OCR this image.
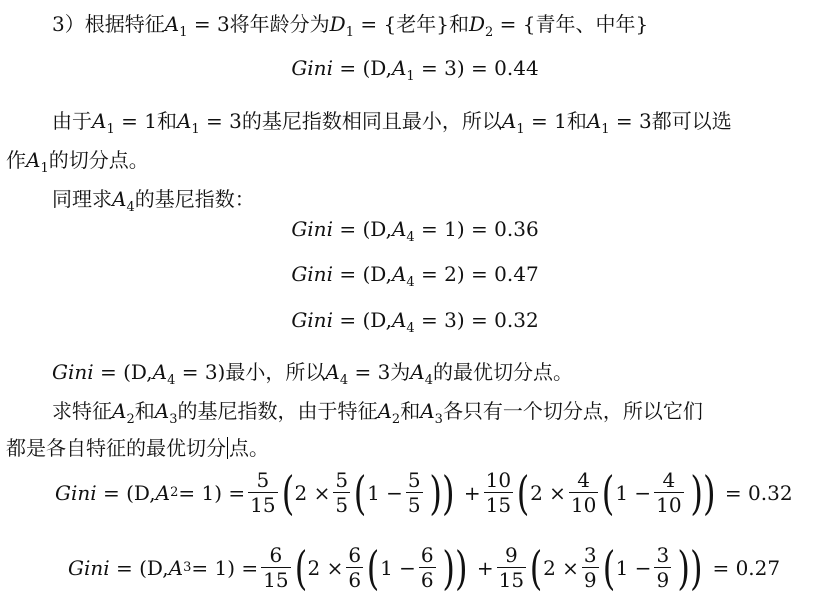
3）根据特征$A_1 = 3$将年龄分为$D_1$ = {老年}和$D_2$ = {青年、中年}
Gini = $(D,A_1 = 3) = 0.44$
由于$A_1 = 1$和$A_1 = 3$的基尼指数相同且最小，所以$A_1 = 1$和$A_1 = 3$都可以选
作$A_1$的切分点。
同理求$A_4$的基尼指数：
Gini = $(D,A_4 = 1) = 0.36$
Gini = $(D,A_4 = 2) = 0.47$
Gini = $(D,A_4 = 3) = 0.32$
Gini = $(D,A_4 = 3)$最小，所以$A_4 = 3$为$A_4$的最优切分点。
求特征$A_2$和$A_3$的基尼指数，由于特征$A_2$和$A_3$各只有一个切分点，所以它们
都是各自特征的最优切分 点。
Gini = (D, A $2 = 1) = \frac{5}{15}$ ( $2 \times \frac{5}{5}$ ( $1 - \frac{5}{5}$ )) + $\frac{10}{15}$ ( $2 \times \frac{4}{10}$ ( $1 - \frac{4}{10}$ )) = 0.32
Gini = (D, A $3 = 1) = \frac{6}{15}$ ( $2 \times \frac{6}{6}$ ( $1 - \frac{6}{6}$ )) + $\frac{9}{15}$ ( $2 \times \frac{3}{9}$ ( $1 - \frac{3}{9}$ )) = 0.27
